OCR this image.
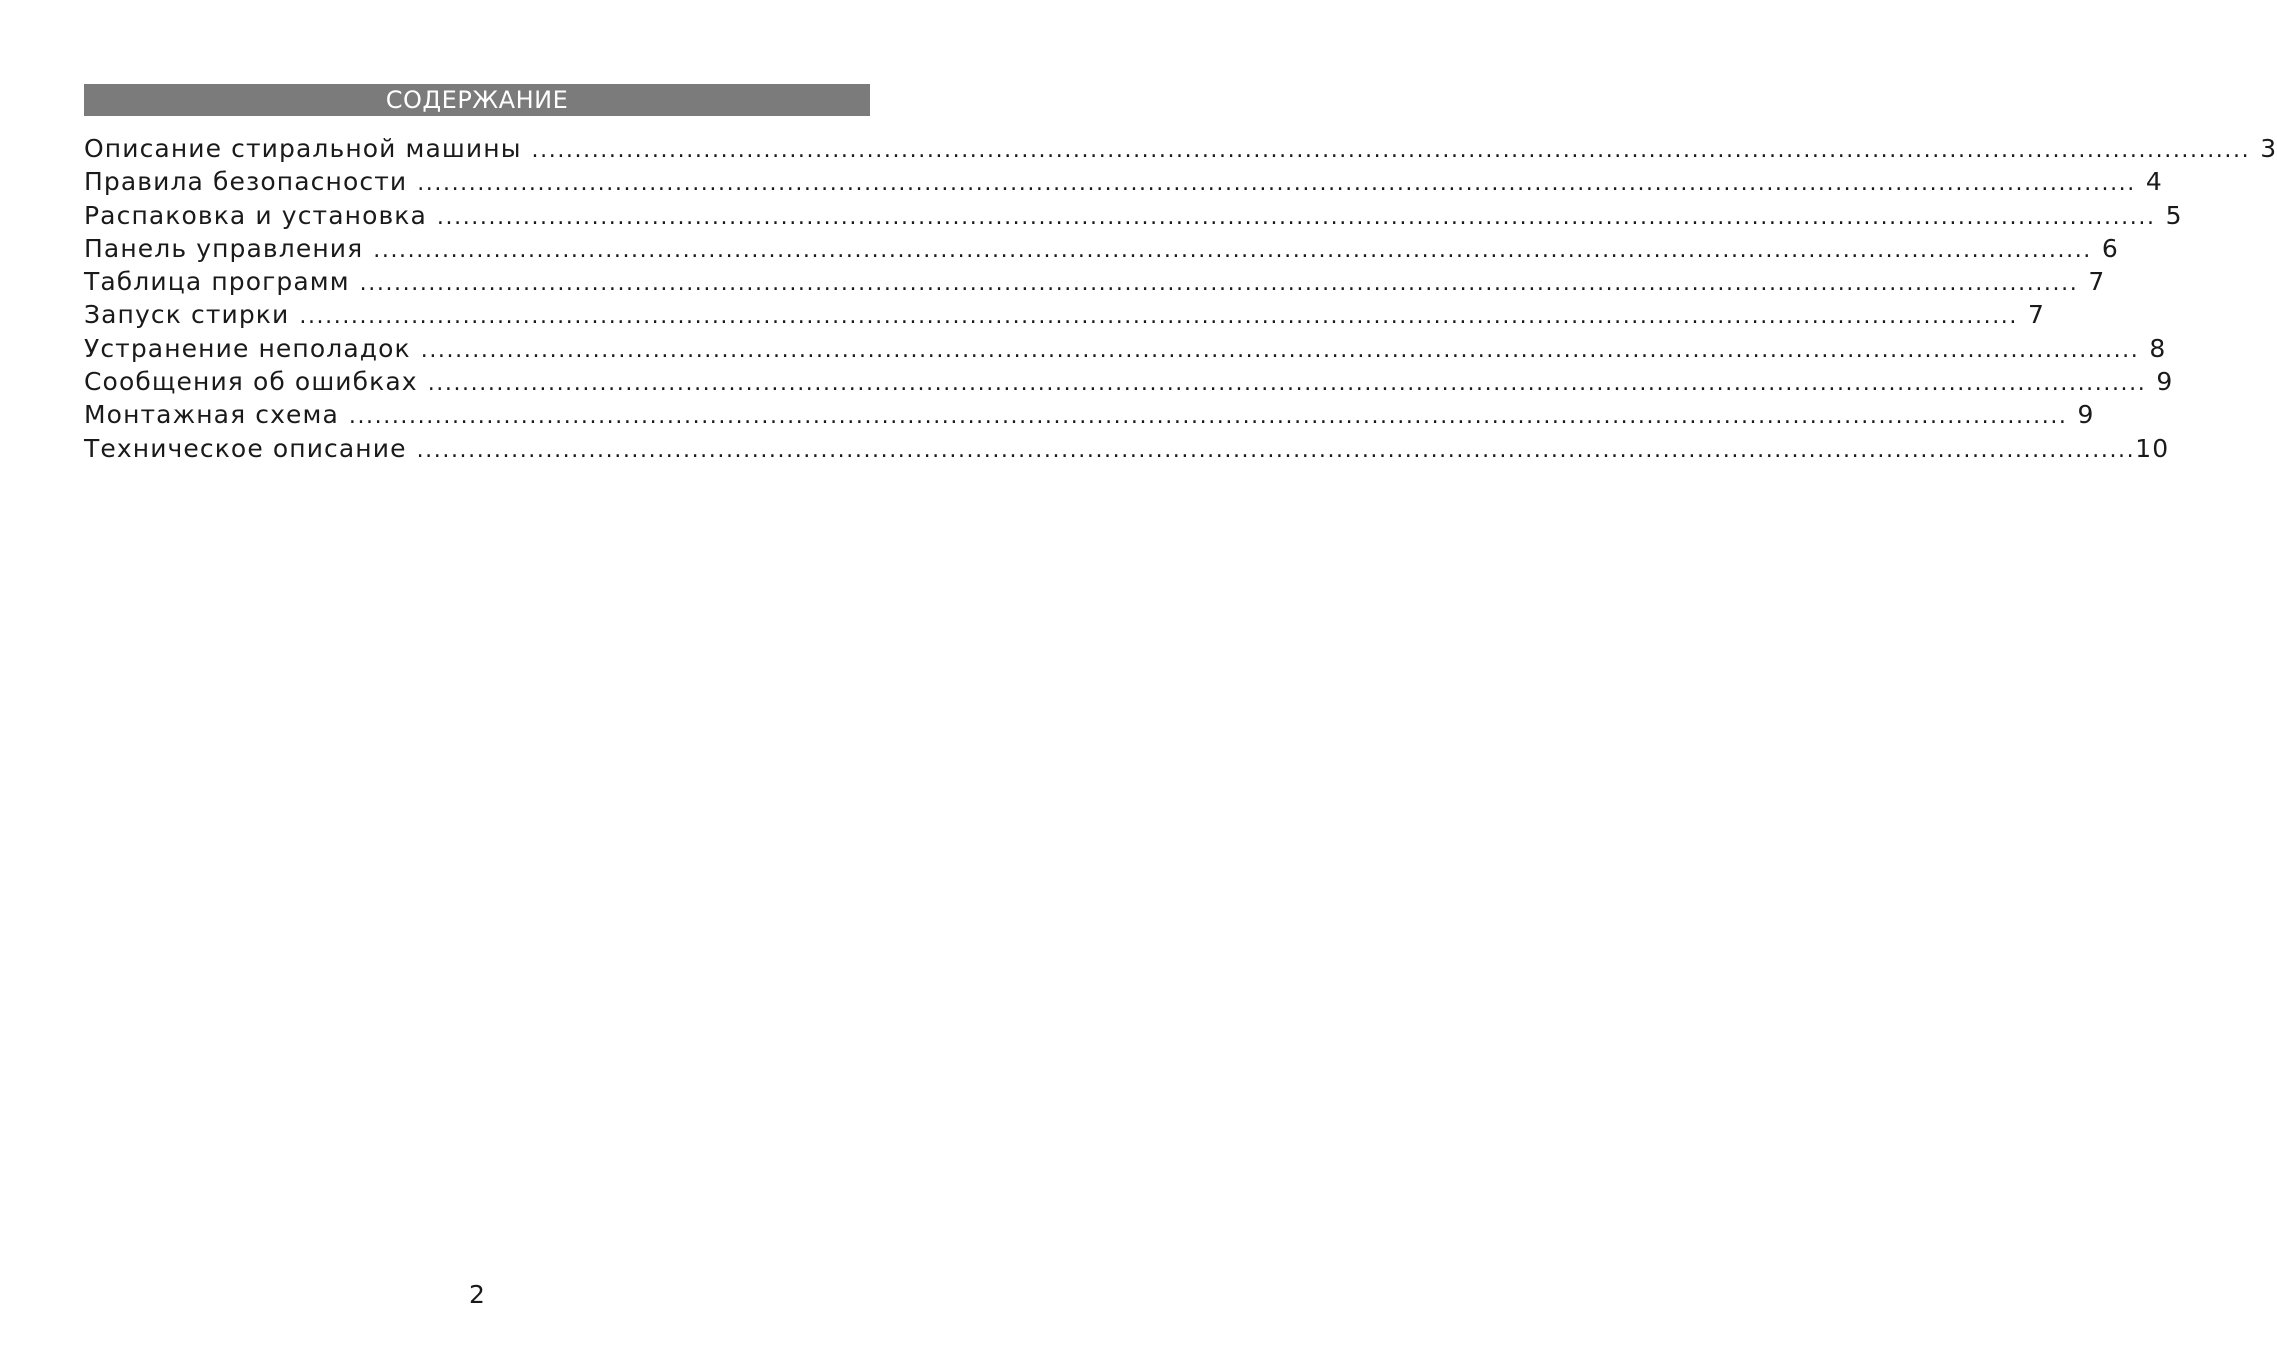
СОДЕРЖАНИЕ
Описание стиральной машины ........................................................................................................................................................................................................ 3
Правила безопасности ........................................................................................................................................................................................................ 4
Распаковка и установка ........................................................................................................................................................................................................ 5
Панель управления ........................................................................................................................................................................................................ 6
Таблица программ ........................................................................................................................................................................................................ 7
Запуск стирки ........................................................................................................................................................................................................ 7
Устранение неполадок ........................................................................................................................................................................................................ 8
Сообщения об ошибках ........................................................................................................................................................................................................ 9
Монтажная схема ........................................................................................................................................................................................................ 9
Техническое описание ........................................................................................................................................................................................................ 10
2
